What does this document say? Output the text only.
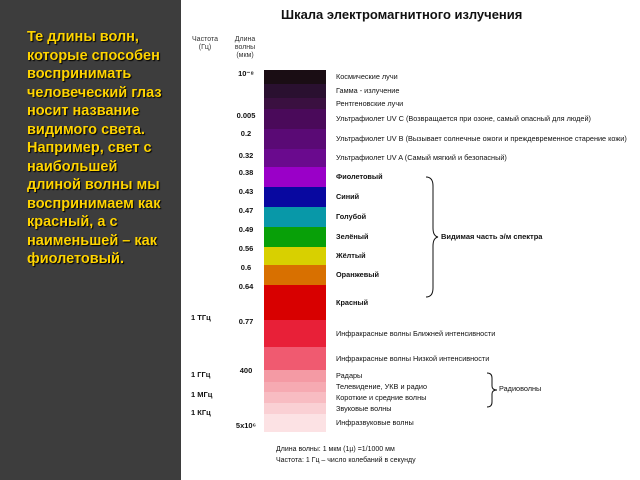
Те длины волн,
которые способен
воспринимать
человеческий глаз
носит название
видимого света.
Например, свет с
наибольшей
длиной волны мы
воспринимаем как
красный, а с
наименьшей – как
фиолетовый.

Шкала электромагнитного излучения
Частота (Гц)
Длина волны (мкм)
10⁻⁸
0.005
0.2
0.32
0.38
0.43
0.47
0.49
0.56
0.6
0.64
0.77
400
5x10⁶
1 ТГц
1 ГГц
1 МГц
1 КГц
Космические лучи
Гамма - излучение
Рентгеновские лучи
Ультрафиолет UV C (Возвращается при озоне, самый опасный для людей)
Ультрафиолет UV B (Вызывает солнечные ожоги и преждевременное старение кожи)
Ультрафиолет UV A (Самый мягкий и безопасный)
Фиолетовый
Синий
Голубой
Зелёный
Жёлтый
Оранжевый
Красный
Инфракрасные волны Ближней интенсивности
Инфракрасные волны Низкой интенсивности
Радары
Телевидение, УКВ и радио
Короткие и средние волны
Звуковые волны
Инфразвуковые волны
Видимая часть э/м спектра
Радиоволны
Длина волны: 1 мкм (1µ) =1/1000 мм
Частота: 1 Гц – число колебаний в секунду
